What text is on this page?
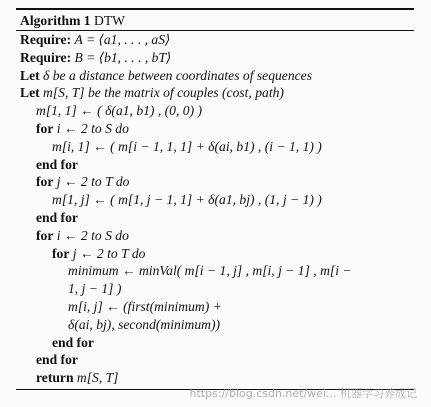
Algorithm 1 DTW
Require: A = ⟨a1, . . . , aS⟩
Require: B = ⟨b1, . . . , bT⟩
Let δ be a distance between coordinates of sequences
Let m[S, T] be the matrix of couples (cost, path)
m[1, 1] ← ( δ(a1, b1) , (0, 0) )
for i ← 2 to S do
m[i, 1] ← ( m[i − 1, 1, 1] + δ(ai, b1) , (i − 1, 1) )
end for
for j ← 2 to T do
m[1, j] ← ( m[1, j − 1, 1] + δ(a1, bj) , (1, j − 1) )
end for
for i ← 2 to S do
for j ← 2 to T do
minimum ← minVal( m[i − 1, j] , m[i, j − 1] , m[i −
1, j − 1] )
m[i, j] ← (first(minimum) +
δ(ai, bj), second(minimum))
end for
end for
return m[S, T]
https://blog.csdn.net/wei... 机器学习养成记
